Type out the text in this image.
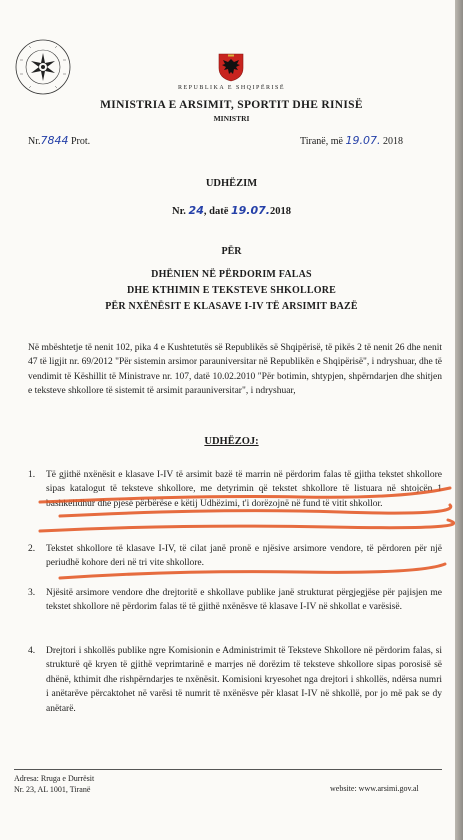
REPUBLIKA E SHQIPËRISË
MINISTRIA E ARSIMIT, SPORTIT DHE RINISË
MINISTRI
Nr.7844 Prot.	Tiranë, më 19.07. 2018
UDHËZIM
Nr. 24, datë 19.07.2018
PËR
DHËNIEN NË PËRDORIM FALAS
DHE KTHIMIN E TEKSTEVE SHKOLLORE
PËR NXËNËSIT E KLASAVE I-IV TË ARSIMIT BAZË
Në mbështetje të nenit 102, pika 4 e Kushtetutës së Republikës së Shqipërisë, të pikës 2 të nenit 26 dhe nenit 47 të ligjit nr. 69/2012 "Për sistemin arsimor parauniversitar në Republikën e Shqipërisë", i ndryshuar, dhe të vendimit të Këshillit të Ministrave nr. 107, datë 10.02.2010 "Për botimin, shtypjen, shpërndarjen dhe shitjen e teksteve shkollore të sistemit të arsimit parauniversitar", i ndryshuar,
UDHËZOJ:
1. Të gjithë nxënësit e klasave I-IV të arsimit bazë të marrin në përdorim falas të gjitha tekstet shkollore sipas katalogut të teksteve shkollore, me detyrimin që tekstet shkollore të listuara në shtojcën 1 bashkëlidhur dhe pjesë përbërëse e këtij Udhëzimi, t'i dorëzojnë në fund të vitit shkollor.
2. Tekstet shkollore të klasave I-IV, të cilat janë pronë e njësive arsimore vendore, të përdoren për një periudhë kohore deri në tri vite shkollore.
3. Njësitë arsimore vendore dhe drejtoritë e shkollave publike janë strukturat përgjegjëse për pajisjen me tekstet shkollore në përdorim falas të të gjithë nxënësve të klasave I-IV në shkollat e varësisë.
4. Drejtori i shkollës publike ngre Komisionin e Administrimit të Teksteve Shkollore në përdorim falas, si strukturë që kryen të gjithë veprimtarinë e marrjes në dorëzim të teksteve shkollore sipas porosisë së dhënë, kthimit dhe rishpërndarjes te nxënësit. Komisioni kryesohet nga drejtori i shkollës, ndërsa numri i anëtarëve përcaktohet në varësi të numrit të nxënësve për klasat I-IV në shkollë, por jo më pak se dy anëtarë.
Adresa: Rruga e Durrësit
Nr. 23, AL 1001, Tiranë	website: www.arsimi.gov.al
